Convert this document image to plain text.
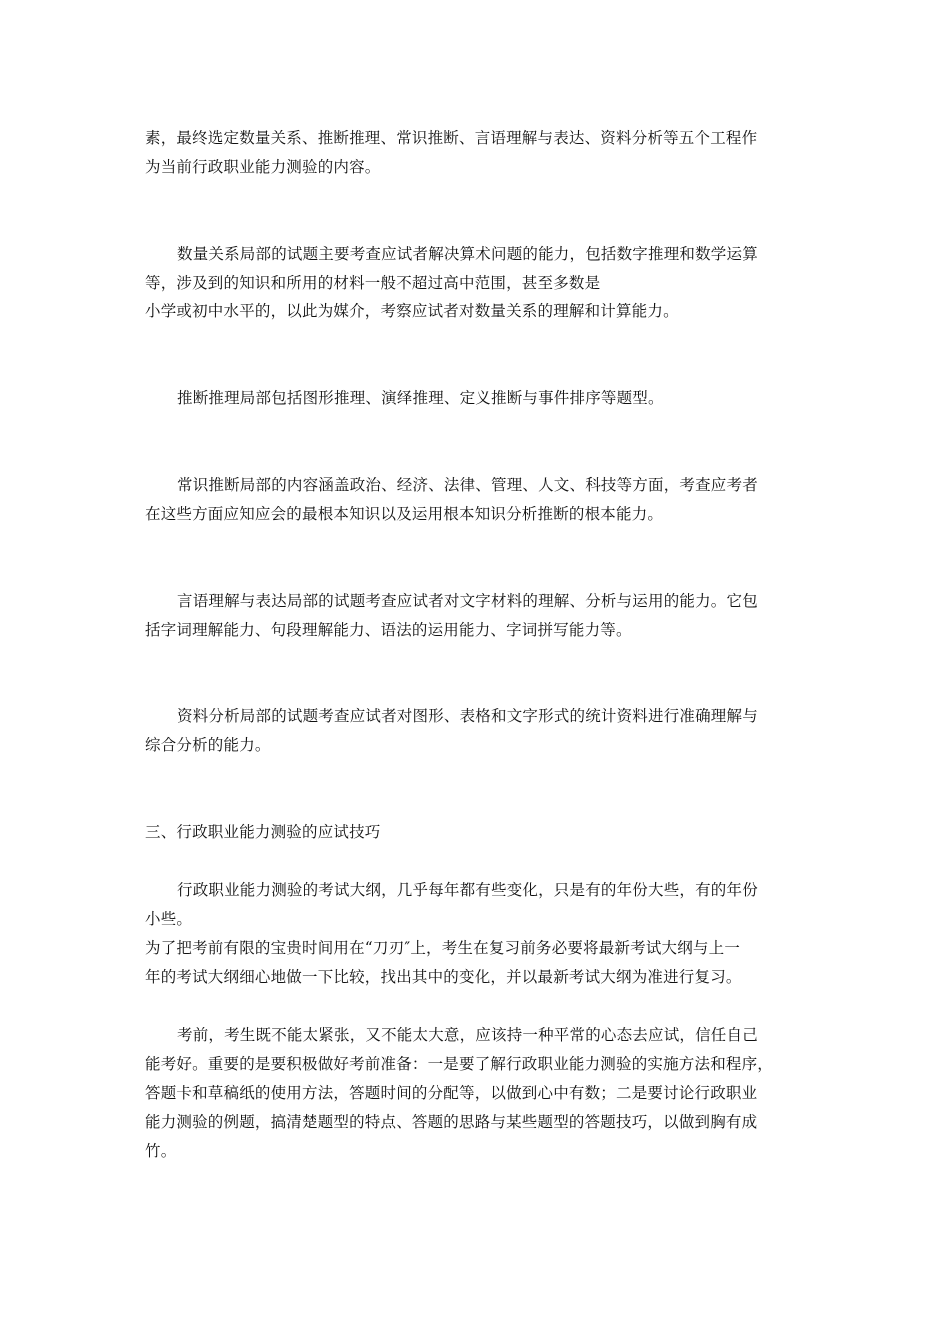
素，最终选定数量关系、推断推理、常识推断、言语理解与表达、资料分析等五个工程作
为当前行政职业能力测验的内容。
数量关系局部的试题主要考查应试者解决算术问题的能力，包括数字推理和数学运算
等，涉及到的知识和所用的材料一般不超过高中范围，甚至多数是
小学或初中水平的，以此为媒介，考察应试者对数量关系的理解和计算能力。
推断推理局部包括图形推理、演绎推理、定义推断与事件排序等题型。
常识推断局部的内容涵盖政治、经济、法律、管理、人文、科技等方面，考查应考者
在这些方面应知应会的最根本知识以及运用根本知识分析推断的根本能力。
言语理解与表达局部的试题考查应试者对文字材料的理解、分析与运用的能力。它包
括字词理解能力、句段理解能力、语法的运用能力、字词拼写能力等。
资料分析局部的试题考查应试者对图形、表格和文字形式的统计资料进行准确理解与
综合分析的能力。
三、行政职业能力测验的应试技巧
行政职业能力测验的考试大纲，几乎每年都有些变化，只是有的年份大些，有的年份
小些。
为了把考前有限的宝贵时间用在“刀刃″上，考生在复习前务必要将最新考试大纲与上一
年的考试大纲细心地做一下比较，找出其中的变化，并以最新考试大纲为准进行复习。
考前，考生既不能太紧张，又不能太大意，应该持一种平常的心态去应试，信任自己
能考好。重要的是要积极做好考前准备：一是要了解行政职业能力测验的实施方法和程序，
答题卡和草稿纸的使用方法，答题时间的分配等，以做到心中有数；二是要讨论行政职业
能力测验的例题，搞清楚题型的特点、答题的思路与某些题型的答题技巧，以做到胸有成
竹。
